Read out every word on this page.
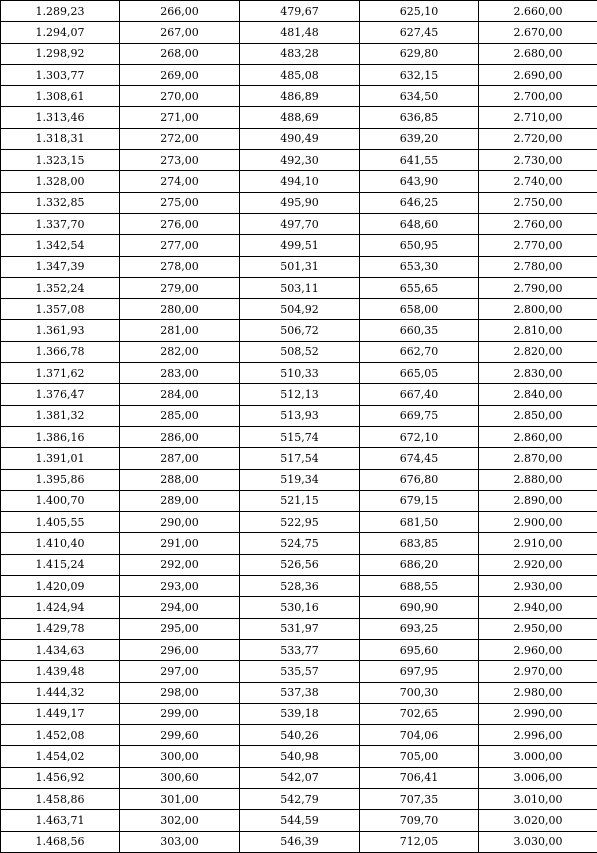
1.289,23	266,00	479,67	625,10	2.660,00
1.294,07	267,00	481,48	627,45	2.670,00
1.298,92	268,00	483,28	629,80	2.680,00
1.303,77	269,00	485,08	632,15	2.690,00
1.308,61	270,00	486,89	634,50	2.700,00
1.313,46	271,00	488,69	636,85	2.710,00
1.318,31	272,00	490,49	639,20	2.720,00
1.323,15	273,00	492,30	641,55	2.730,00
1.328,00	274,00	494,10	643,90	2.740,00
1.332,85	275,00	495,90	646,25	2.750,00
1.337,70	276,00	497,70	648,60	2.760,00
1.342,54	277,00	499,51	650,95	2.770,00
1.347,39	278,00	501,31	653,30	2.780,00
1.352,24	279,00	503,11	655,65	2.790,00
1.357,08	280,00	504,92	658,00	2.800,00
1.361,93	281,00	506,72	660,35	2.810,00
1.366,78	282,00	508,52	662,70	2.820,00
1.371,62	283,00	510,33	665,05	2.830,00
1.376,47	284,00	512,13	667,40	2.840,00
1.381,32	285,00	513,93	669,75	2.850,00
1.386,16	286,00	515,74	672,10	2.860,00
1.391,01	287,00	517,54	674,45	2.870,00
1.395,86	288,00	519,34	676,80	2.880,00
1.400,70	289,00	521,15	679,15	2.890,00
1.405,55	290,00	522,95	681,50	2.900,00
1.410,40	291,00	524,75	683,85	2.910,00
1.415,24	292,00	526,56	686,20	2.920,00
1.420,09	293,00	528,36	688,55	2.930,00
1.424,94	294,00	530,16	690,90	2.940,00
1.429,78	295,00	531,97	693,25	2.950,00
1.434,63	296,00	533,77	695,60	2.960,00
1.439,48	297,00	535,57	697,95	2.970,00
1.444,32	298,00	537,38	700,30	2.980,00
1.449,17	299,00	539,18	702,65	2.990,00
1.452,08	299,60	540,26	704,06	2.996,00
1.454,02	300,00	540,98	705,00	3.000,00
1.456,92	300,60	542,07	706,41	3.006,00
1.458,86	301,00	542,79	707,35	3.010,00
1.463,71	302,00	544,59	709,70	3.020,00
1.468,56	303,00	546,39	712,05	3.030,00
